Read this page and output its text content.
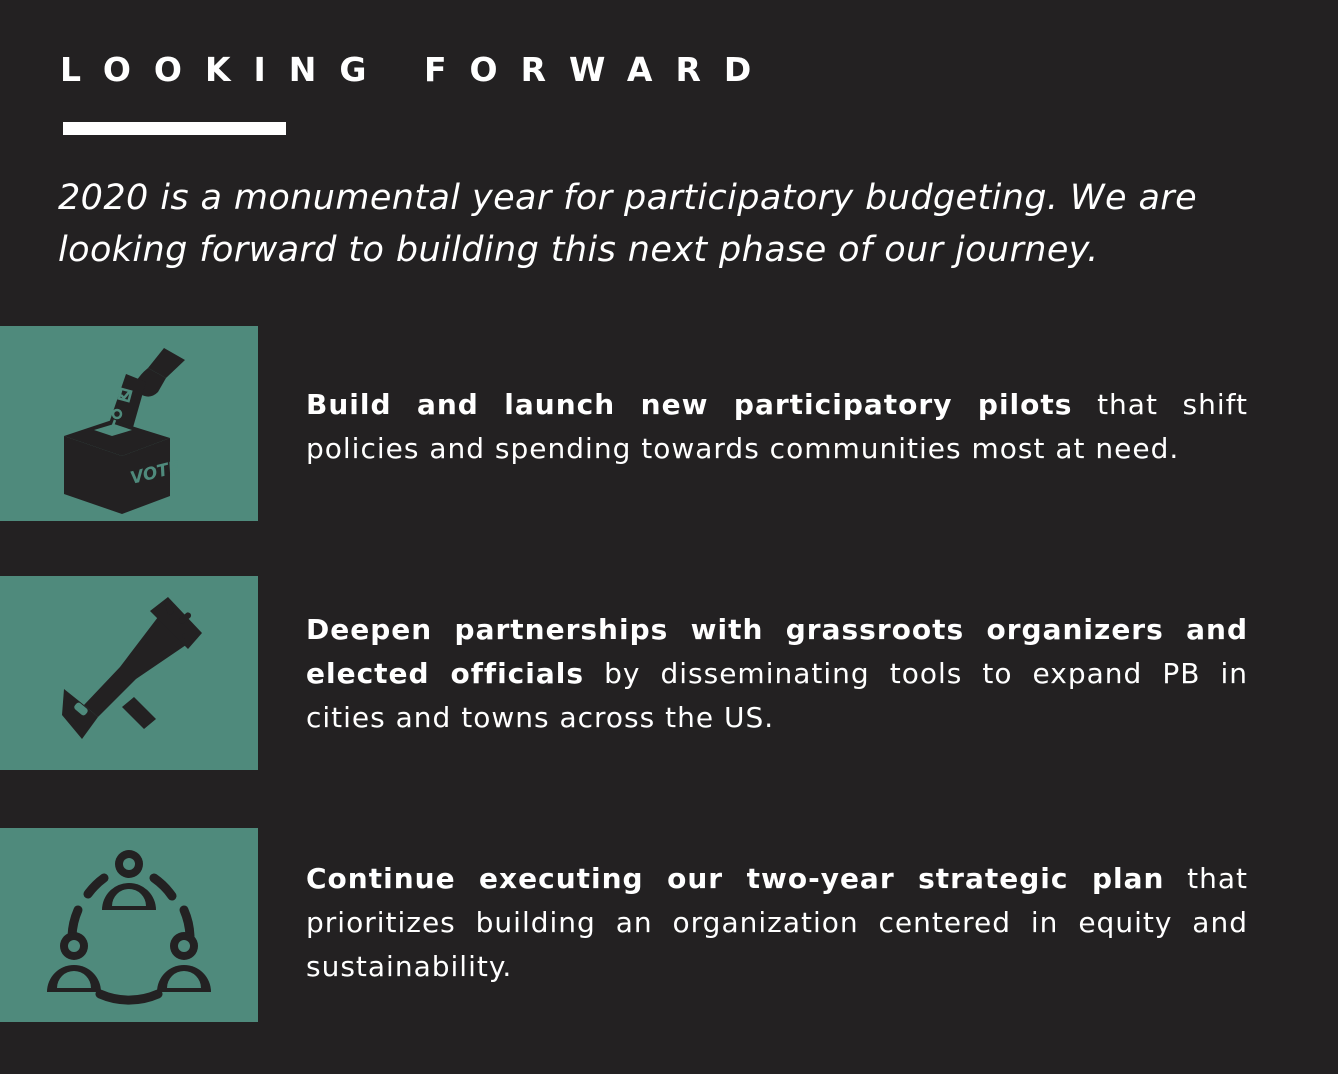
LOOKING FORWARD

2020 is a monumental year for participatory budgeting. We are looking forward to building this next phase of our journey.

VOTE

Build and launch new participatory pilots that shift policies and spending towards communities most at need.

Deepen partnerships with grassroots organizers and elected officials by disseminating tools to expand PB in cities and towns across the US.

Continue executing our two-year strategic plan that prioritizes building an organization centered in equity and sustainability.
